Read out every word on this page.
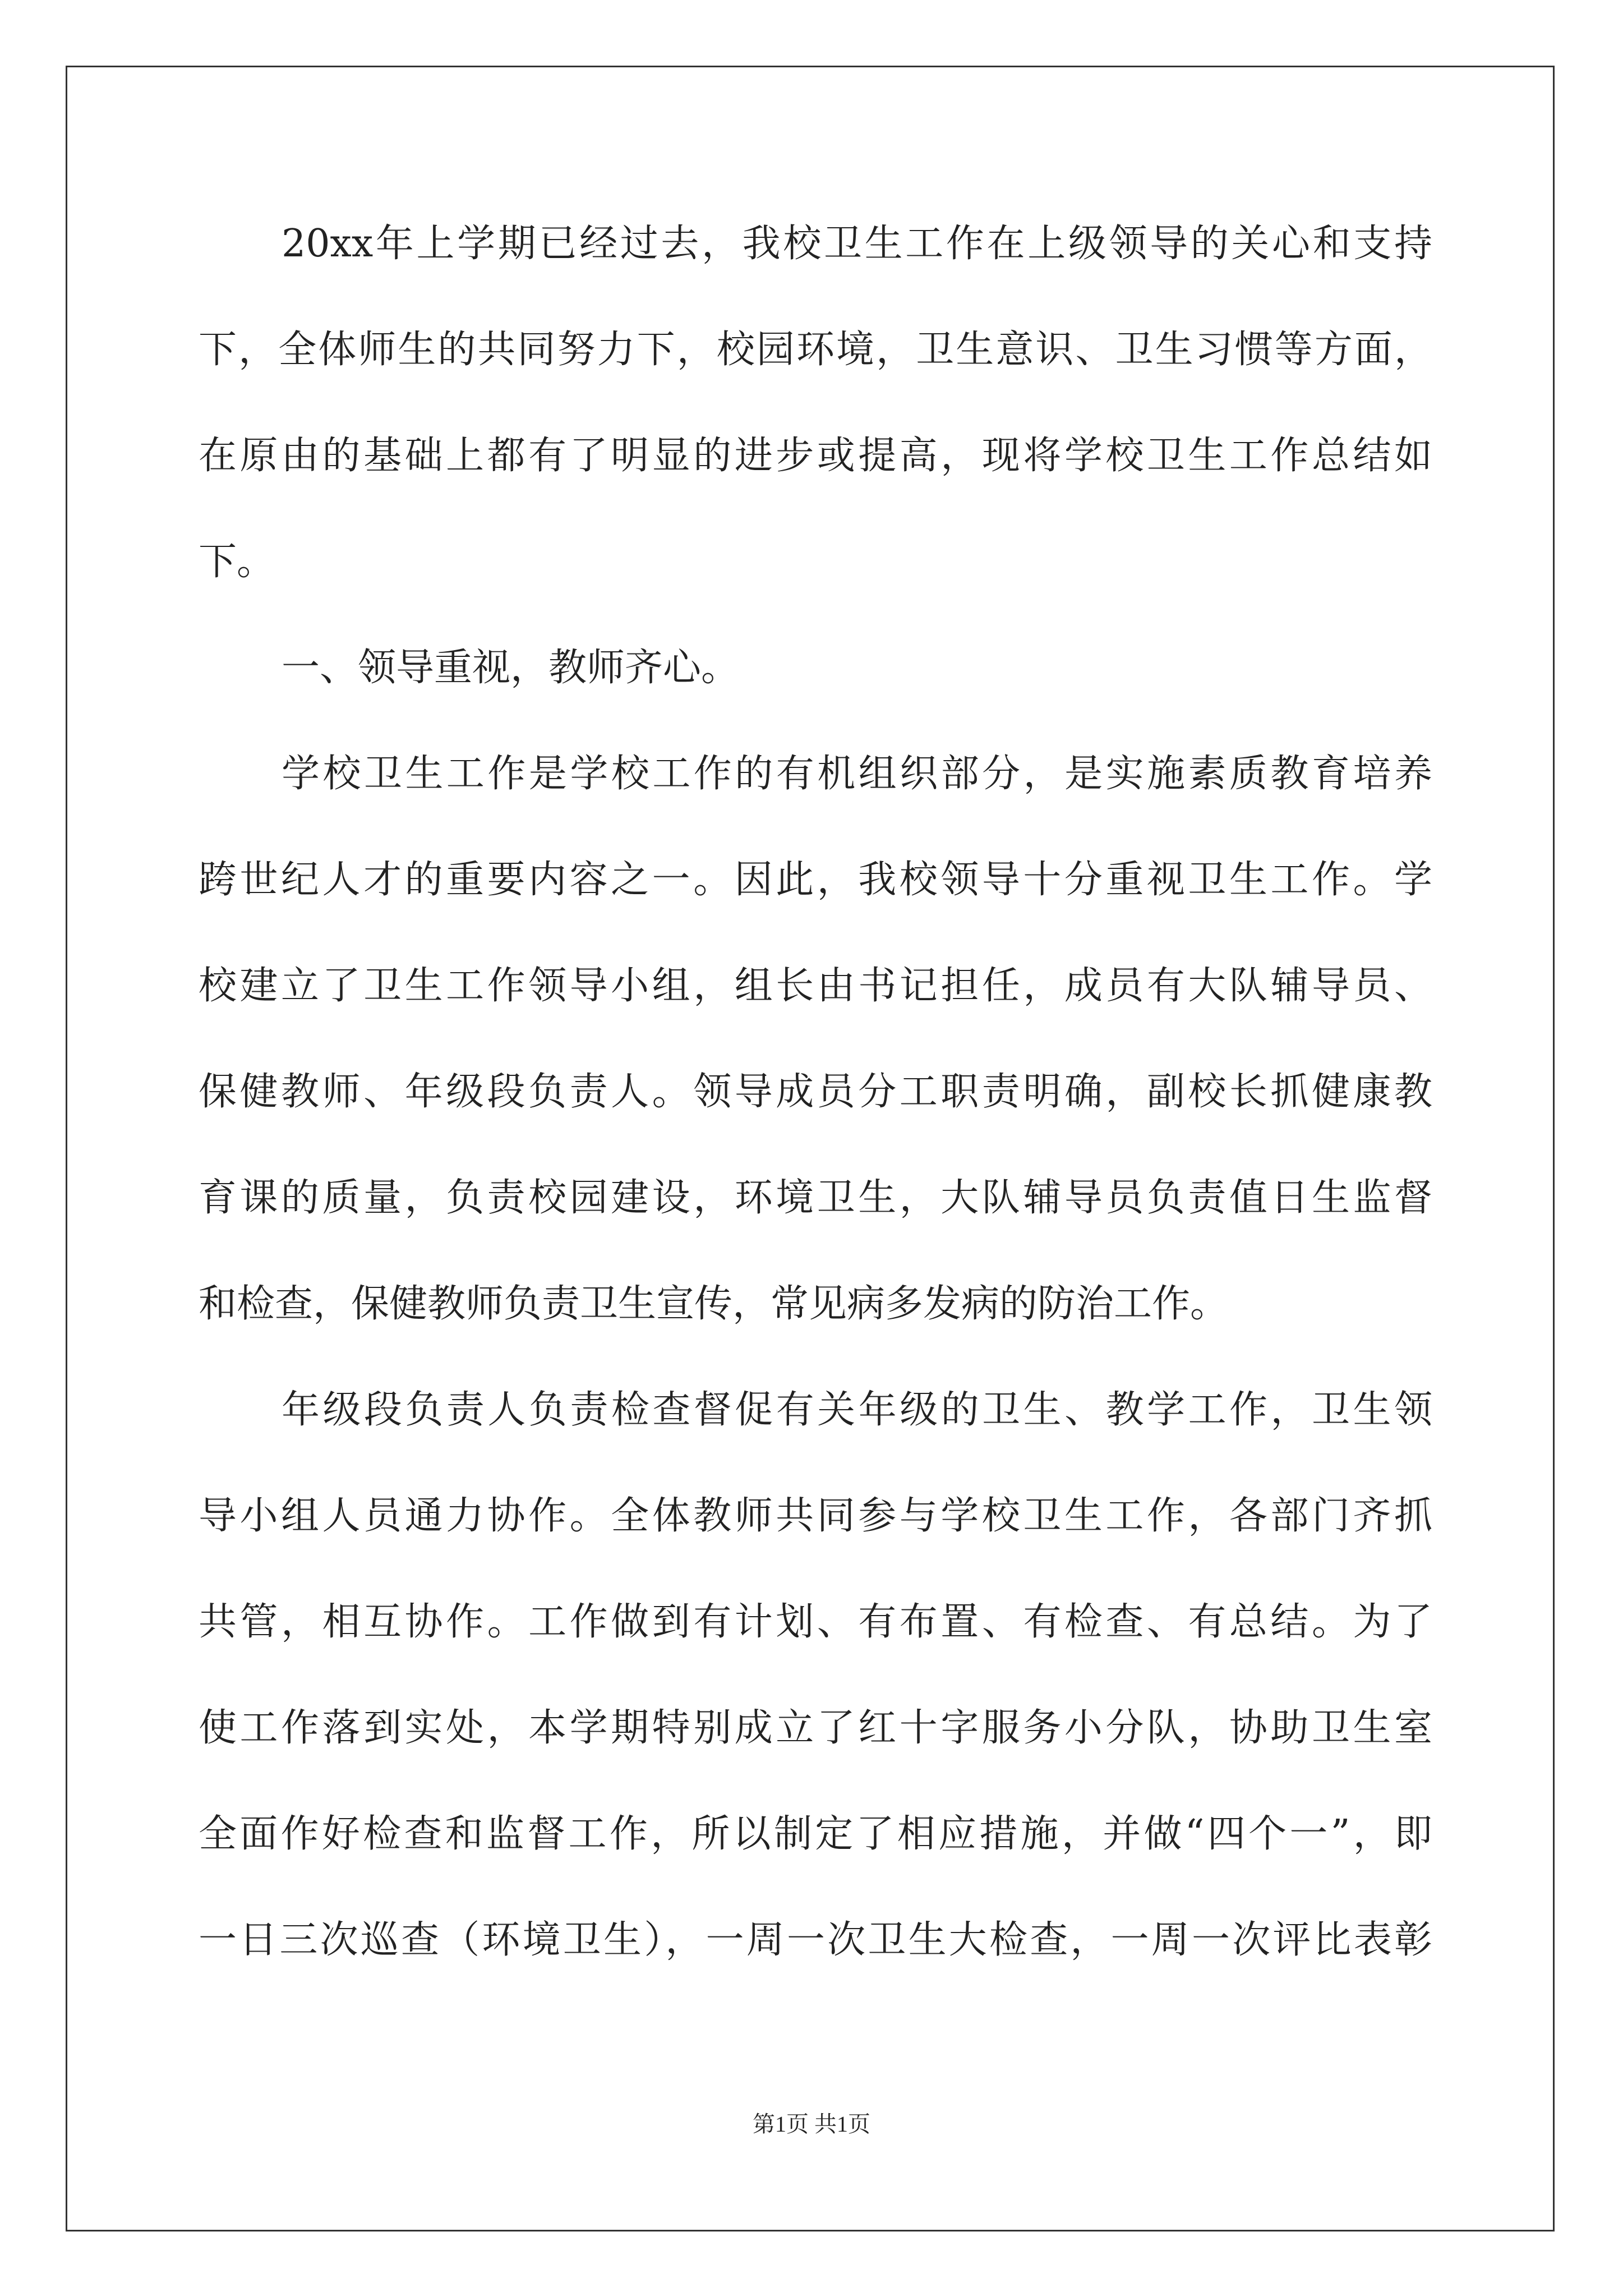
20xx年上学期已经过去，我校卫生工作在上级领导的关心和支持
下，全体师生的共同努力下，校园环境，卫生意识、卫生习惯等方面，
在原由的基础上都有了明显的进步或提高，现将学校卫生工作总结如
下。
一、领导重视，教师齐心。
学校卫生工作是学校工作的有机组织部分，是实施素质教育培养
跨世纪人才的重要内容之一。因此，我校领导十分重视卫生工作。学
校建立了卫生工作领导小组，组长由书记担任，成员有大队辅导员、
保健教师、年级段负责人。领导成员分工职责明确，副校长抓健康教
育课的质量，负责校园建设，环境卫生，大队辅导员负责值日生监督
和检查，保健教师负责卫生宣传，常见病多发病的防治工作。
年级段负责人负责检查督促有关年级的卫生、教学工作，卫生领
导小组人员通力协作。全体教师共同参与学校卫生工作，各部门齐抓
共管，相互协作。工作做到有计划、有布置、有检查、有总结。为了
使工作落到实处，本学期特别成立了红十字服务小分队，协助卫生室
全面作好检查和监督工作，所以制定了相应措施，并做“四个一”，即
一日三次巡查（环境卫生），一周一次卫生大检查，一周一次评比表彰
第1页 共1页
